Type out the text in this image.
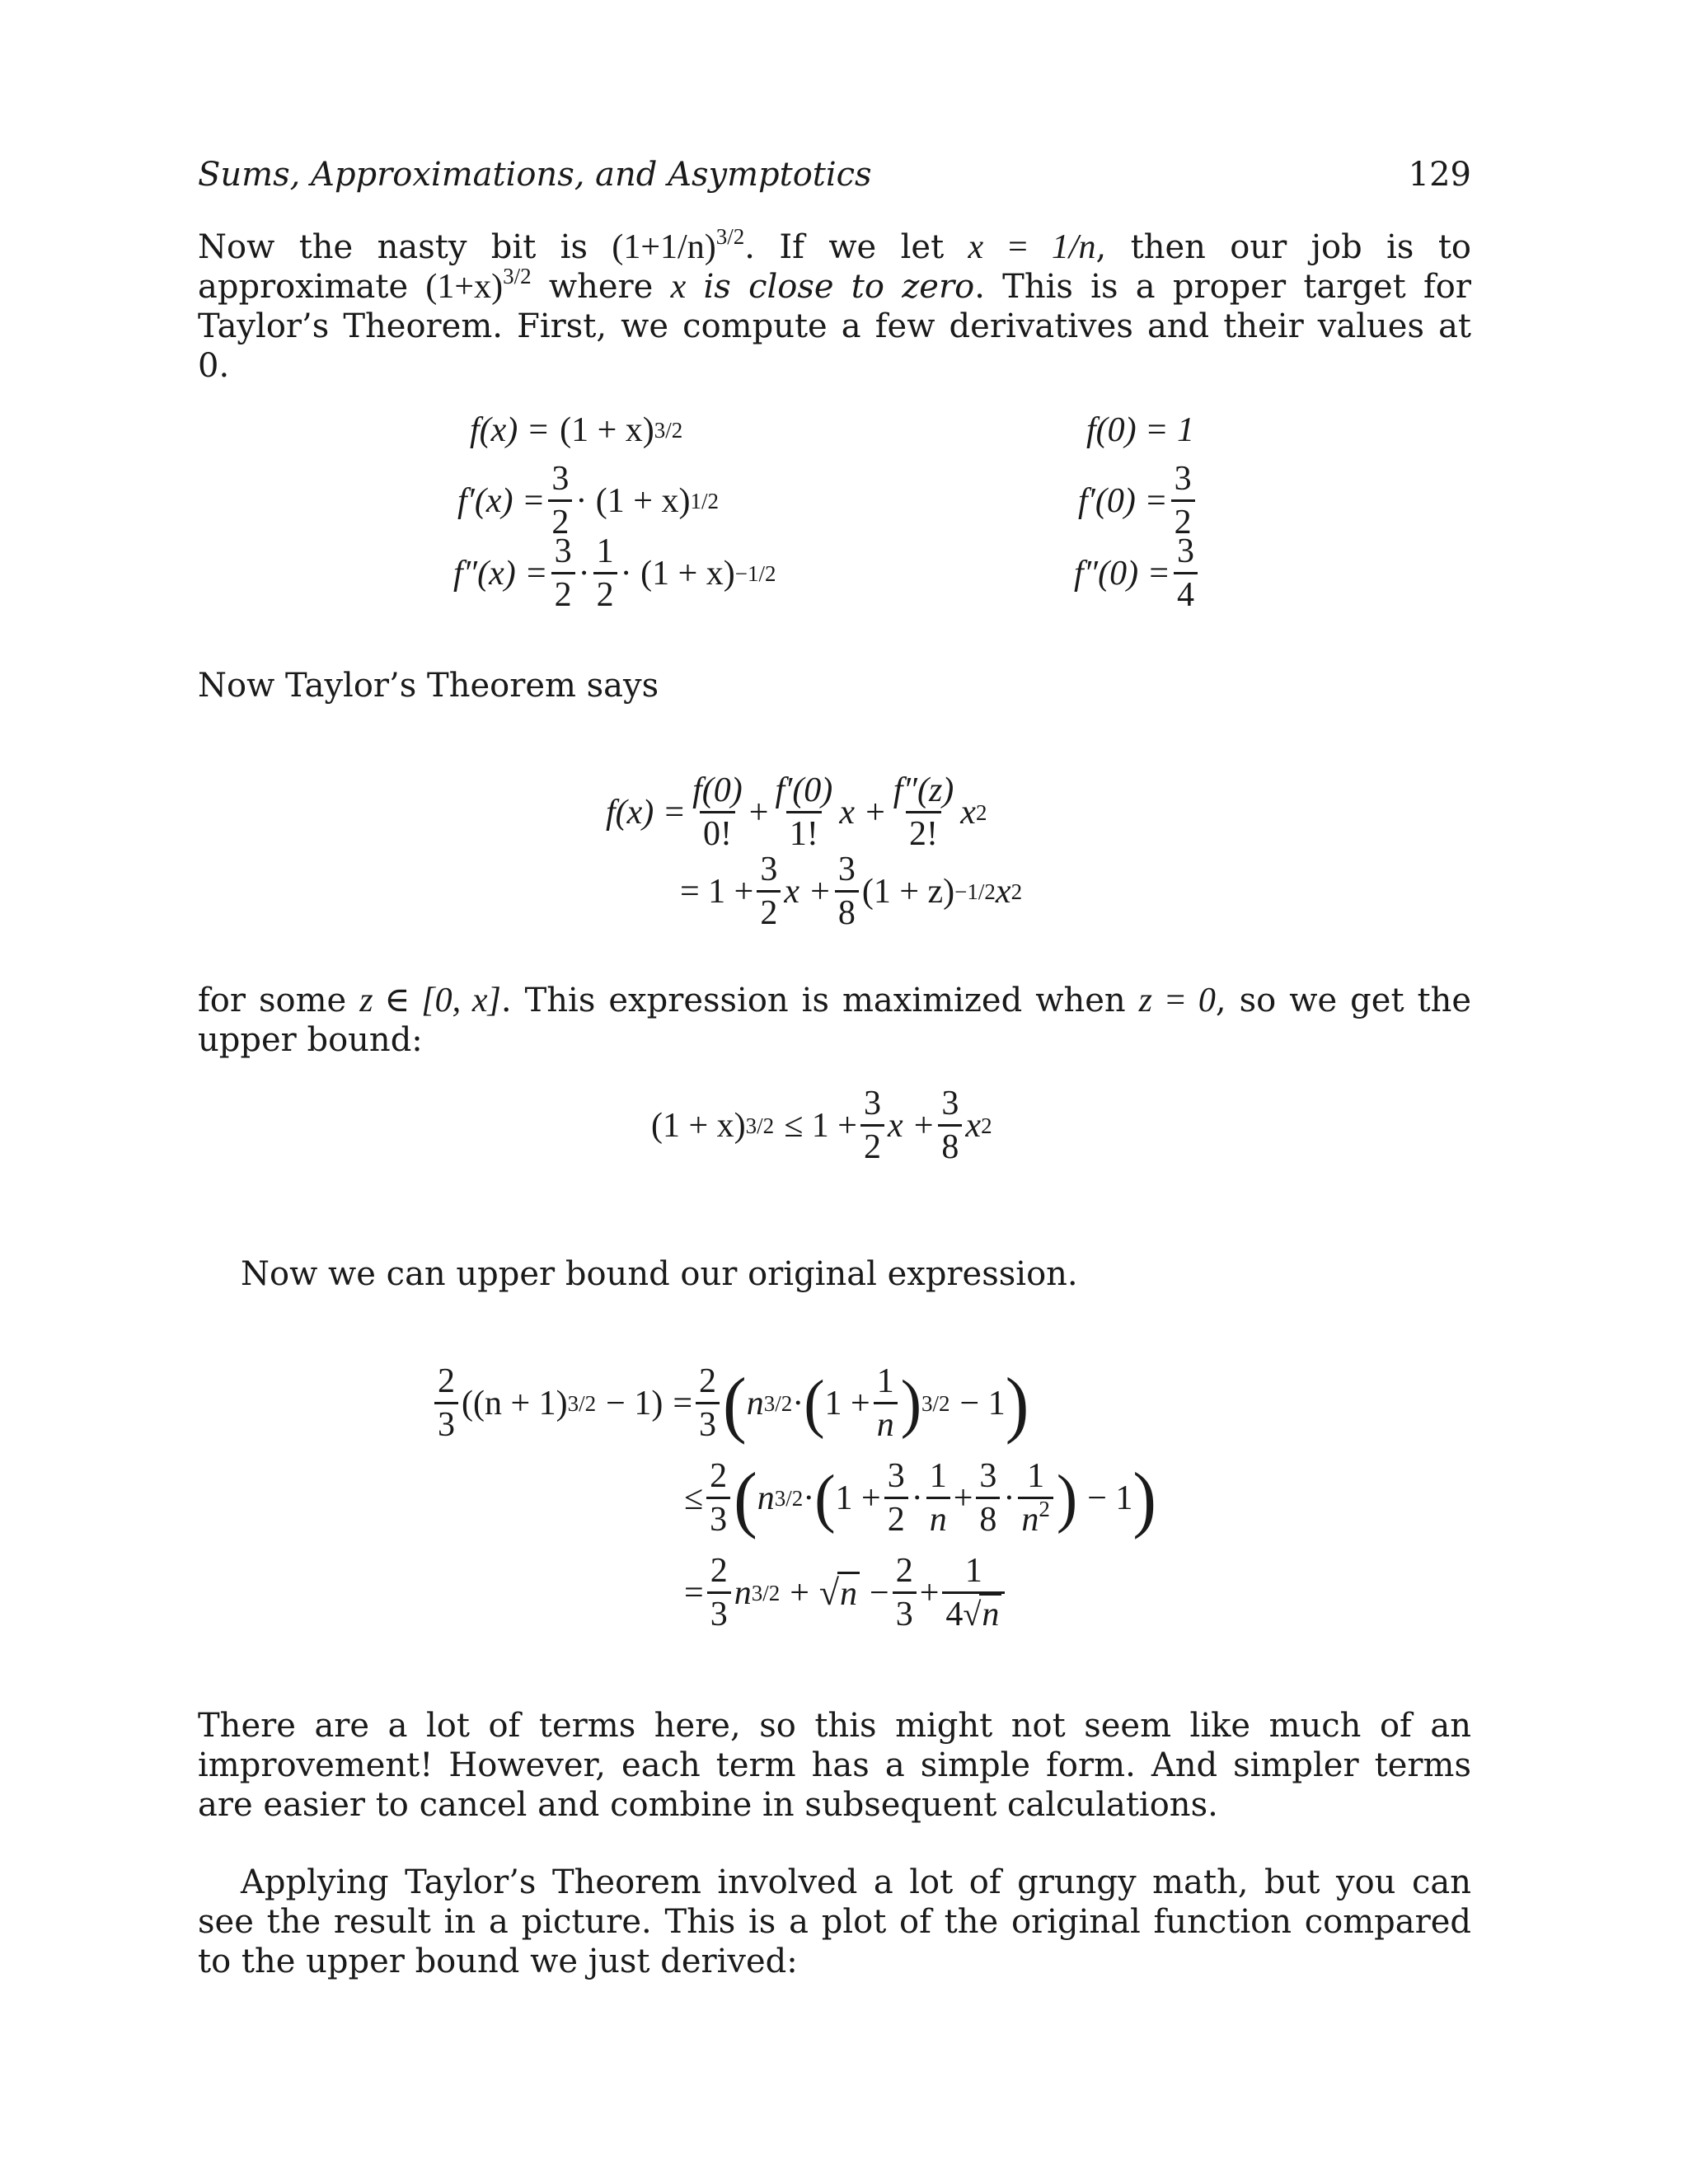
Sums, Approximations, and Asymptotics	129

Now the nasty bit is $(1+1/n)^{3/2}$. If we let x = 1/n, then our job is to approximate $(1+x)^{3/2}$ where x is close to zero. This is a proper target for Taylor’s Theorem. First, we compute a few derivatives and their values at 0.

f(x) = (1 + x) 3/2
$f'(x) = \frac{3}{2} \cdot (1 + x)$ 1/2
$f''(x) = \frac{3}{2} \cdot \frac{1}{2} \cdot (1 + x) -1/2$
f(0) = 1
$f'(0) = \frac{3}{2}$
$f''(0) = \frac{3}{4}$

Now Taylor’s Theorem says

$f(x) = \frac{f(0)}{0!} + \frac{f'(0)}{1!}$ $x + \frac{f''(z)}{2!}$ x 2
= $1 + \frac{3}{2}$ $x + \frac{3}{8} (1 + z) -1/2$ x 2

for some z ∈ [0, x]. This expression is maximized when z = 0, so we get the upper bound:

(1 + x) $3/2 \le 1 + \frac{3}{2}$ $x + \frac{3}{8}$ x 2

Now we can upper bound our original expression.

$\frac{2}{3} ((n + 1) 3/2 - 1) = \frac{2}{3}$ ( n 3/2 · ( $1 + \frac{1}{n}$ ) 3/2 − 1 )
≤ $\frac{2}{3}$ ( n 3/2 · ( $1 + \frac{3}{2} \cdot \frac{1}{n} + \frac{3}{8} \cdot \frac{1}{n^2}$ ) − 1 )
= $\frac{2}{3}$ n 3/2 + √ $n - \frac{2}{3} + \frac{1}{4√n}$

There are a lot of terms here, so this might not seem like much of an improvement! However, each term has a simple form. And simpler terms are easier to cancel and combine in subsequent calculations.

Applying Taylor’s Theorem involved a lot of grungy math, but you can see the result in a picture. This is a plot of the original function compared to the upper bound we just derived:
